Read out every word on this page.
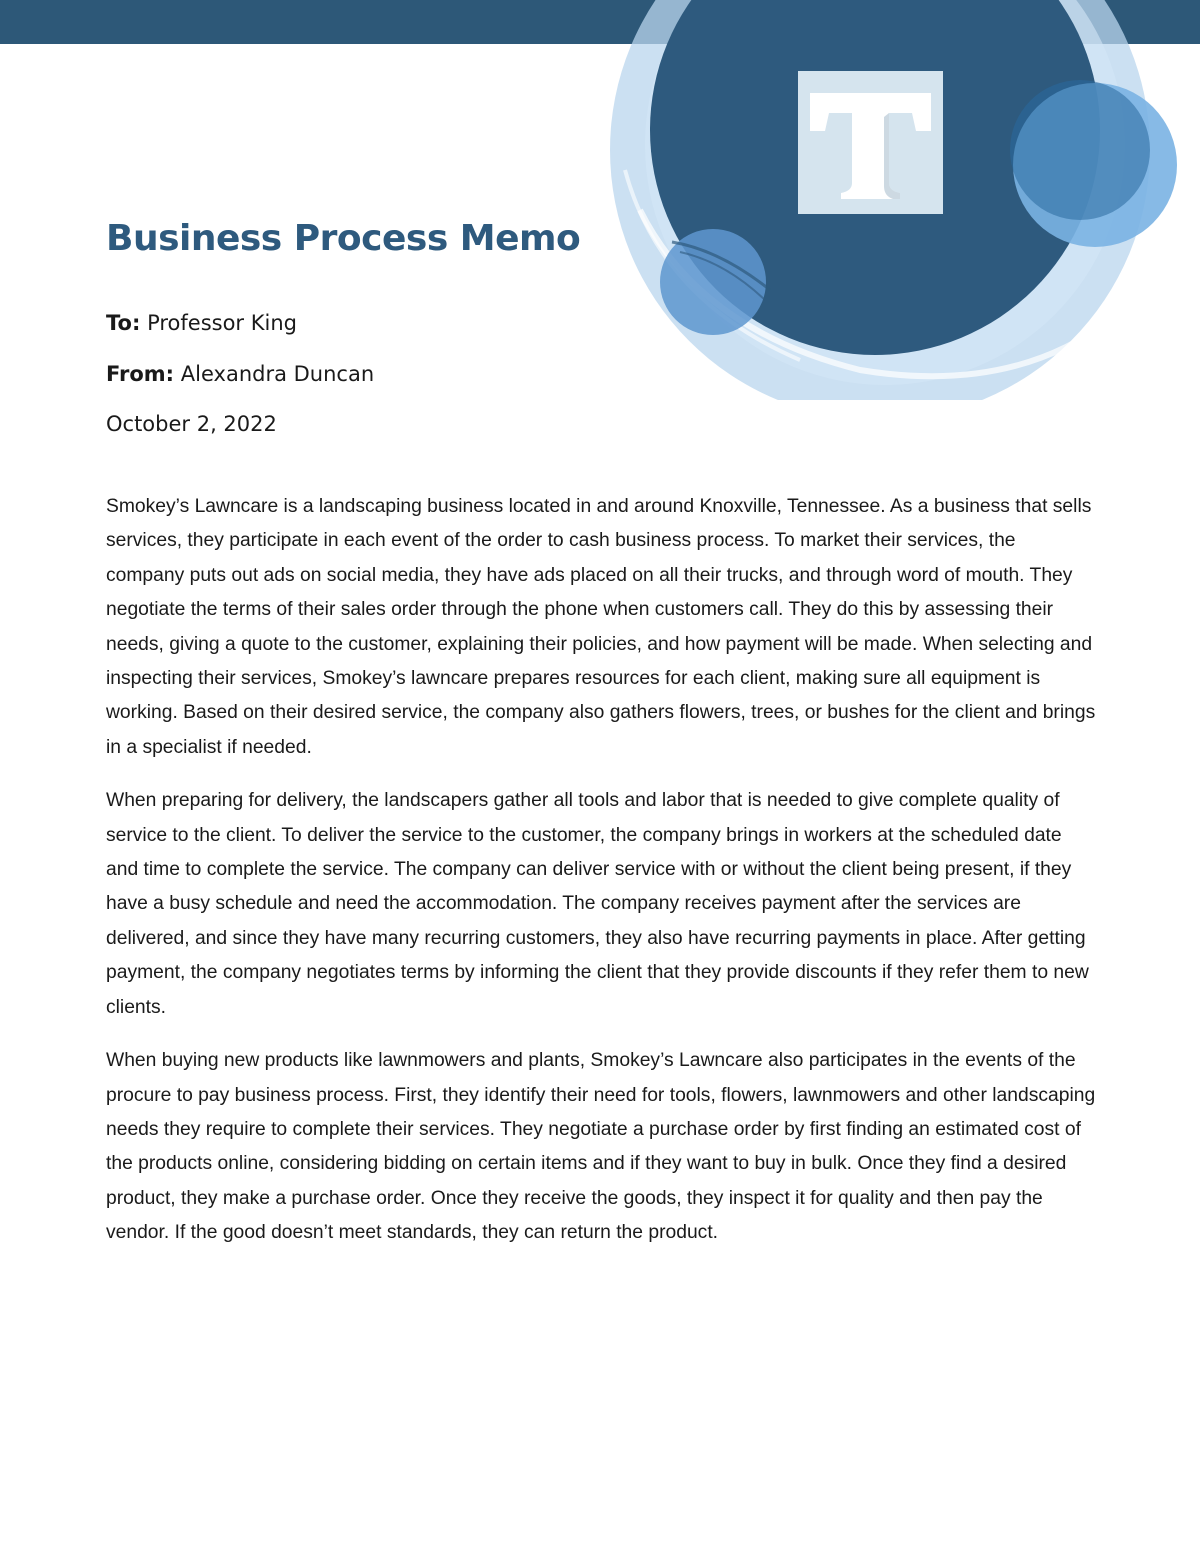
Business Process Memo

To: Professor King

From: Alexandra Duncan

October 2, 2022

Smokey’s Lawncare is a landscaping business located in and around Knoxville, Tennessee. As a business that sells services, they participate in each event of the order to cash business process. To market their services, the company puts out ads on social media, they have ads placed on all their trucks, and through word of mouth. They negotiate the terms of their sales order through the phone when customers call. They do this by assessing their needs, giving a quote to the customer, explaining their policies, and how payment will be made. When selecting and inspecting their services, Smokey’s lawncare prepares resources for each client, making sure all equipment is working. Based on their desired service, the company also gathers flowers, trees, or bushes for the client and brings in a specialist if needed.

When preparing for delivery, the landscapers gather all tools and labor that is needed to give complete quality of service to the client. To deliver the service to the customer, the company brings in workers at the scheduled date and time to complete the service. The company can deliver service with or without the client being present, if they have a busy schedule and need the accommodation. The company receives payment after the services are delivered, and since they have many recurring customers, they also have recurring payments in place. After getting payment, the company negotiates terms by informing the client that they provide discounts if they refer them to new clients.

When buying new products like lawnmowers and plants, Smokey’s Lawncare also participates in the events of the procure to pay business process. First, they identify their need for tools, flowers, lawnmowers and other landscaping needs they require to complete their services. They negotiate a purchase order by first finding an estimated cost of the products online, considering bidding on certain items and if they want to buy in bulk. Once they find a desired product, they make a purchase order. Once they receive the goods, they inspect it for quality and then pay the vendor. If the good doesn’t meet standards, they can return the product.
